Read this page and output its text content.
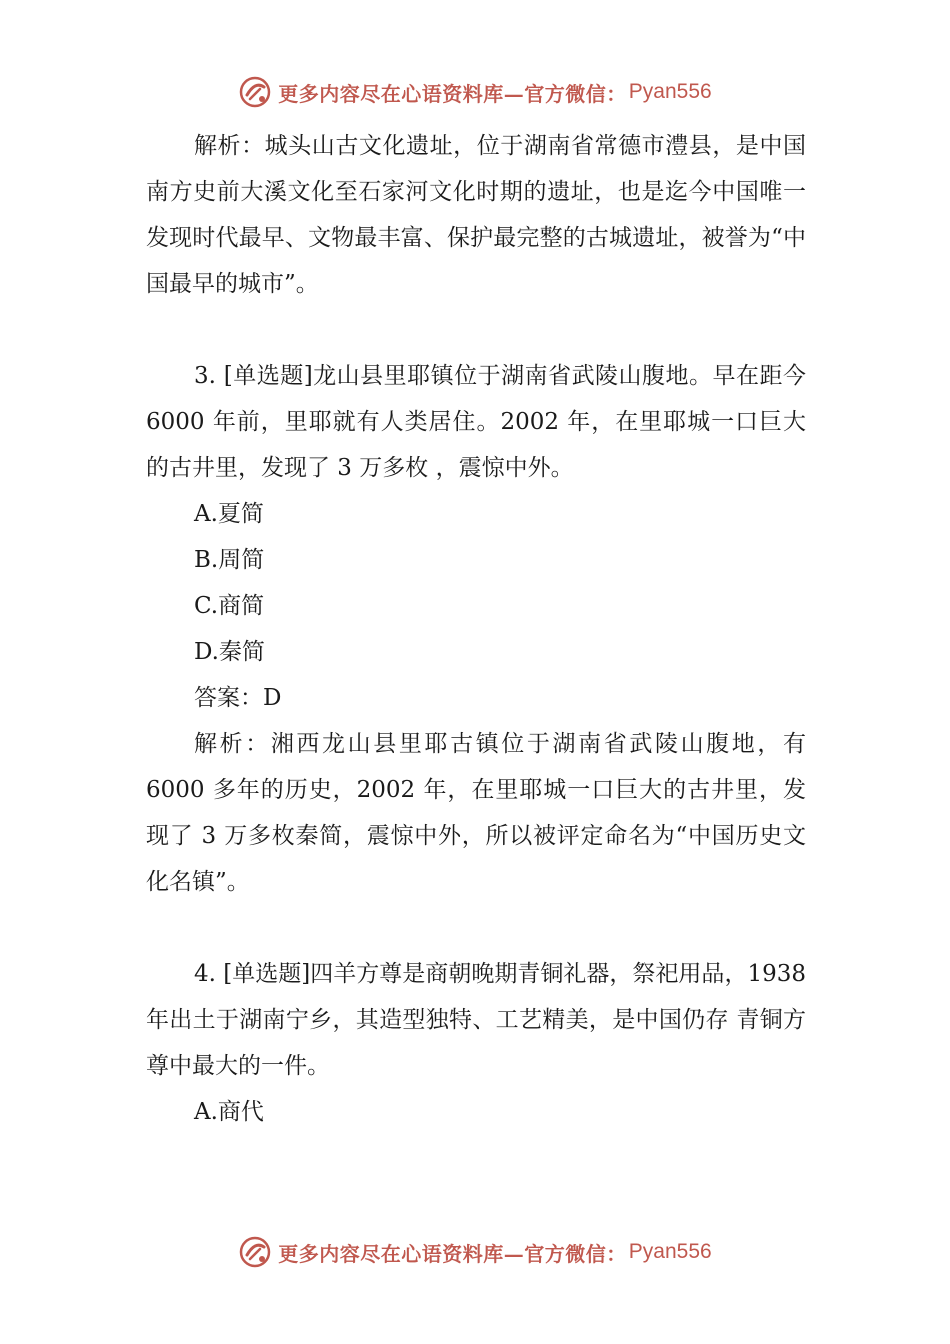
更多内容尽在心语资料库—官方微信： Pyan556

解析：城头山古文化遗址，位于湖南省常德市澧县，是中国南方史前大溪文化至石家河文化时期的遗址，也是迄今中国唯一发现时代最早、文物最丰富、保护最完整的古城遗址，被誉为“中国最早的城市”。

3. [单选题]龙山县里耶镇位于湖南省武陵山腹地。早在距今 6000 年前，里耶就有人类居住。2002 年，在里耶城一口巨大的古井里，发现了 3 万多枚 ，震惊中外。

A.夏简

B.周简

C.商简

D.秦简

答案：D

解析：湘西龙山县里耶古镇位于湖南省武陵山腹地，有 6000 多年的历史，2002 年，在里耶城一口巨大的古井里，发现了 3 万多枚秦简，震惊中外，所以被评定命名为“中国历史文化名镇”。

4. [单选题]四羊方尊是商朝晚期青铜礼器，祭祀用品，1938 年出土于湖南宁乡，其造型独特、工艺精美，是中国仍存 青铜方尊中最大的一件。

A.商代

更多内容尽在心语资料库—官方微信： Pyan556
